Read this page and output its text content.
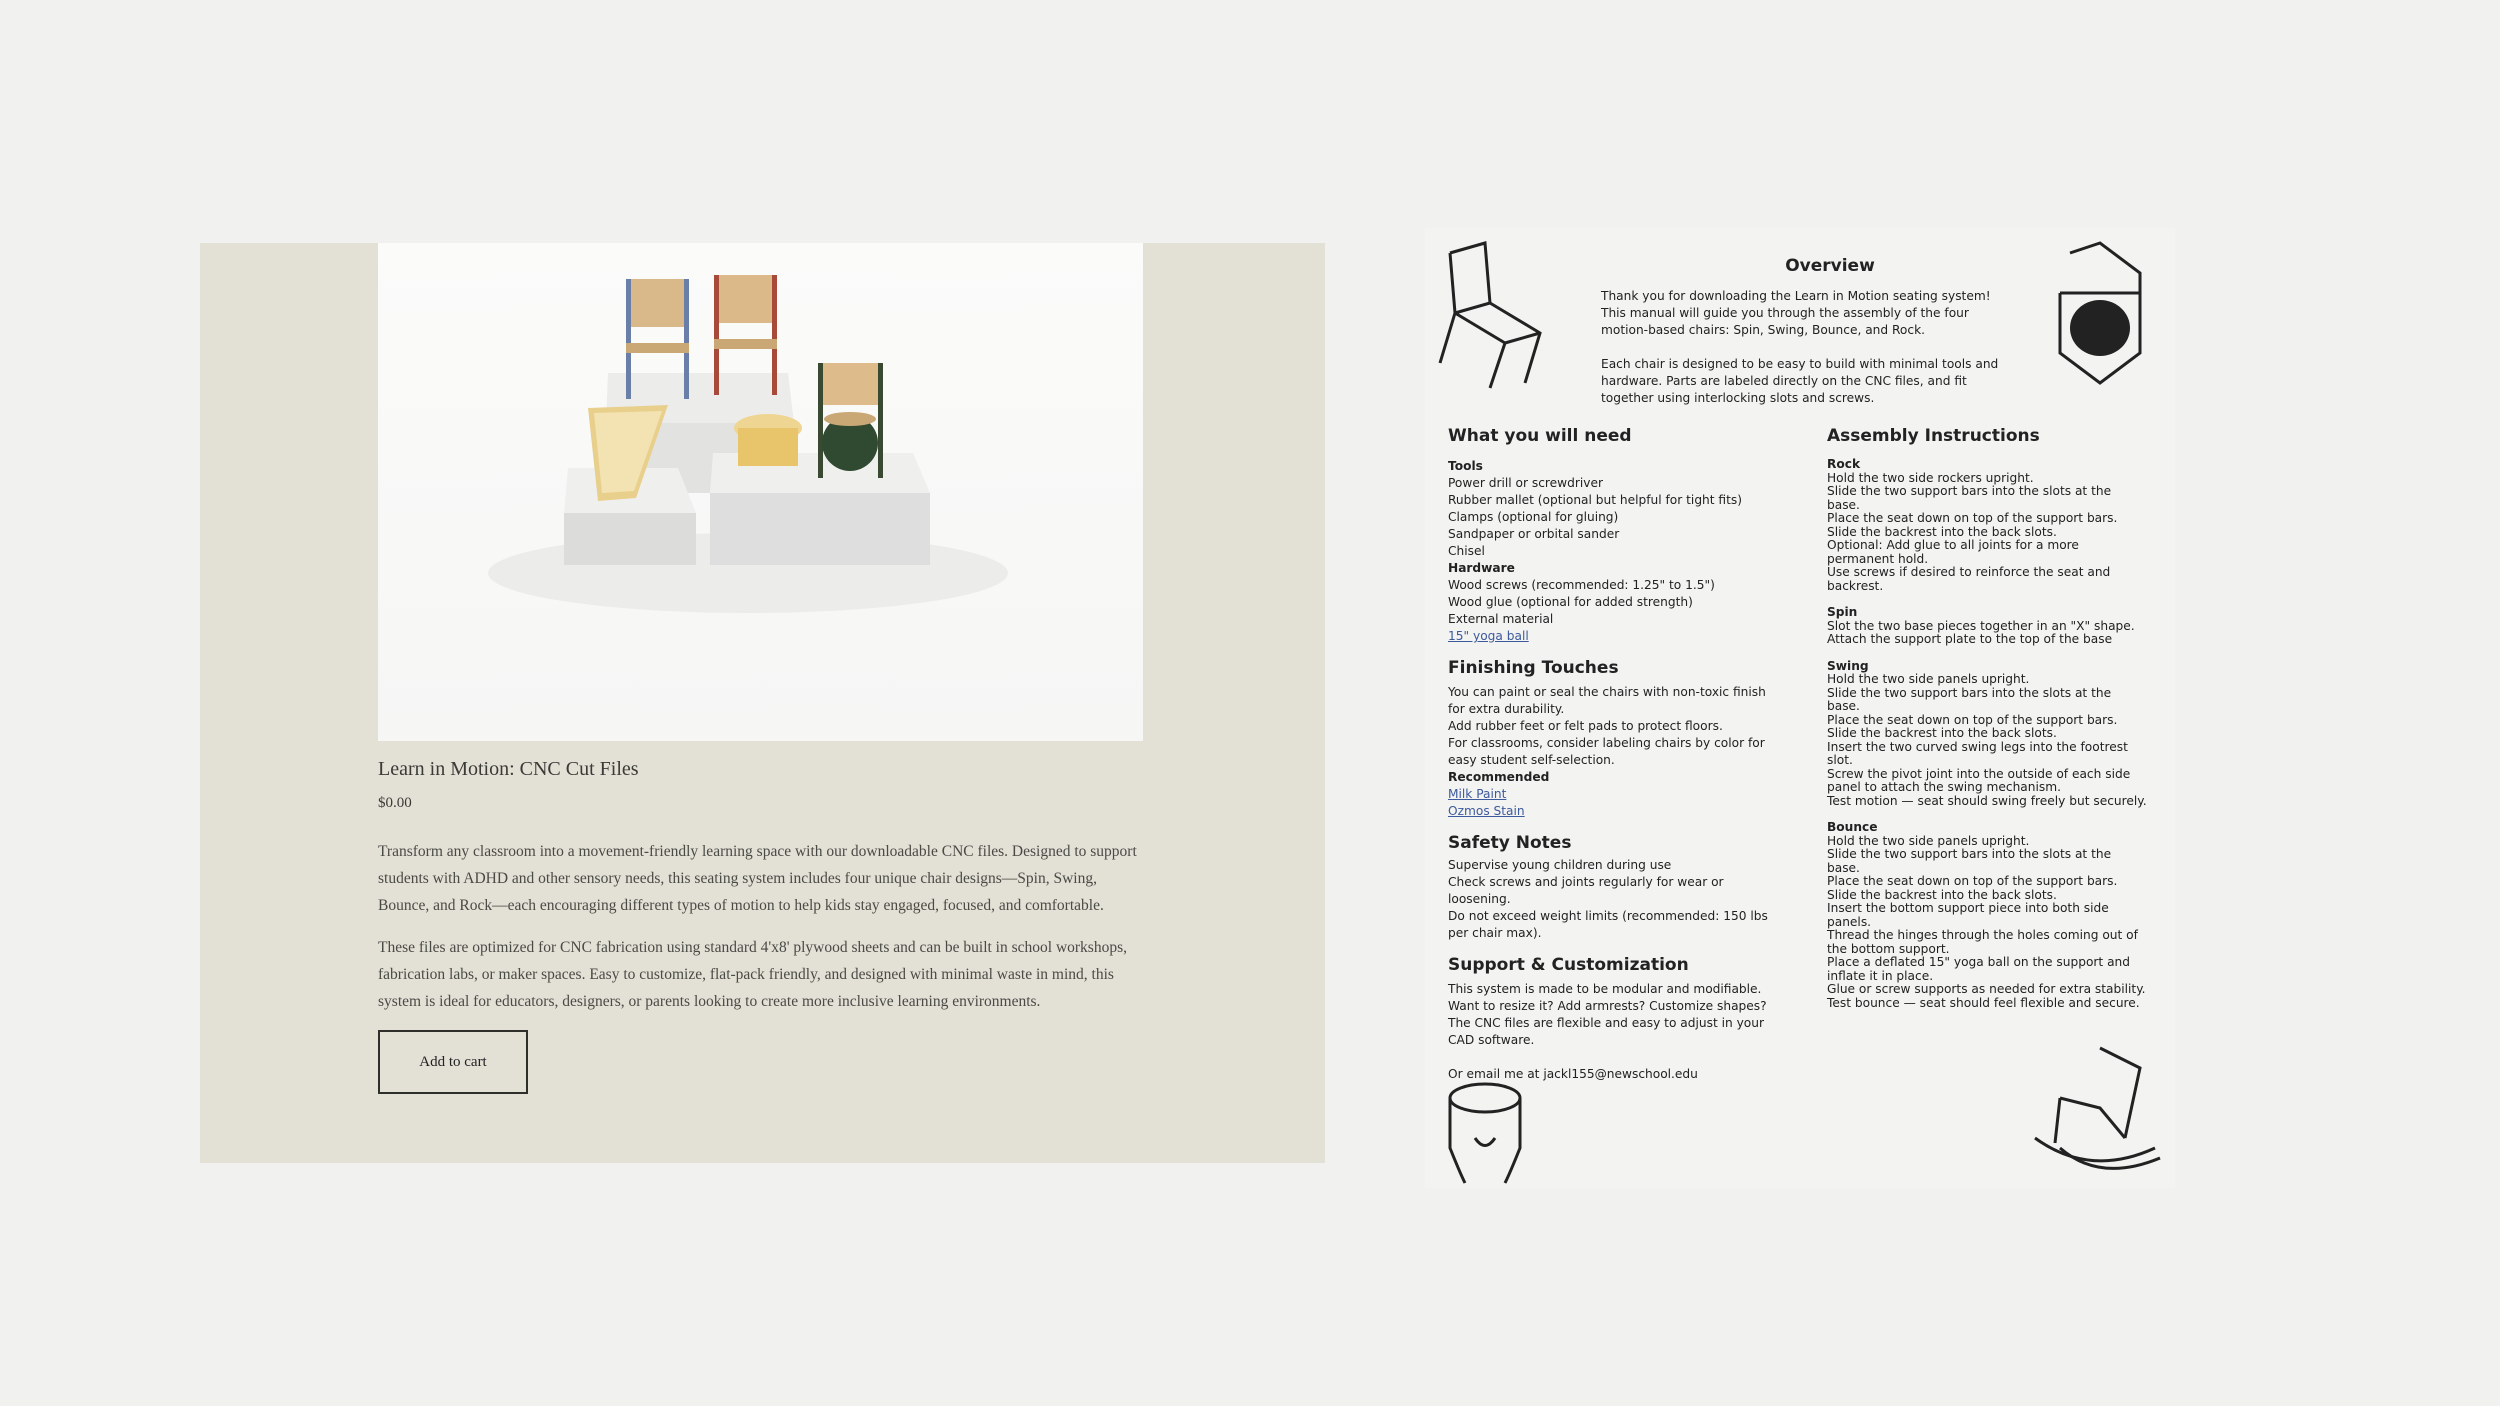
Learn in Motion: CNC Cut Files
$0.00

Transform any classroom into a movement-friendly learning space with our downloadable CNC files. Designed to support students with ADHD and other sensory needs, this seating system includes four unique chair designs—Spin, Swing, Bounce, and Rock—each encouraging different types of motion to help kids stay engaged, focused, and comfortable.

These files are optimized for CNC fabrication using standard 4'x8' plywood sheets and can be built in school workshops, fabrication labs, or maker spaces. Easy to customize, flat-pack friendly, and designed with minimal waste in mind, this system is ideal for educators, designers, or parents looking to create more inclusive learning environments.

Add to cart
Overview

Thank you for downloading the Learn in Motion seating system! This manual will guide you through the assembly of the four motion-based chairs: Spin, Swing, Bounce, and Rock.

Each chair is designed to be easy to build with minimal tools and hardware. Parts are labeled directly on the CNC files, and fit together using interlocking slots and screws.

What you will need
Tools
Power drill or screwdriver
Rubber mallet (optional but helpful for tight fits)
Clamps (optional for gluing)
Sandpaper or orbital sander
Chisel
Hardware
Wood screws (recommended: 1.25" to 1.5")
Wood glue (optional for added strength)
External material
15" yoga ball
Finishing Touches
You can paint or seal the chairs with non-toxic finish for extra durability.
Add rubber feet or felt pads to protect floors.
For classrooms, consider labeling chairs by color for easy student self-selection.
Recommended
Milk Paint
Ozmos Stain
Safety Notes
Supervise young children during use
Check screws and joints regularly for wear or loosening.
Do not exceed weight limits (recommended: 150 lbs per chair max).
Support & Customization
This system is made to be modular and modifiable. Want to resize it? Add armrests? Customize shapes? The CNC files are flexible and easy to adjust in your CAD software.
Or email me at jackl155@newschool.edu
Assembly Instructions
Rock
Hold the two side rockers upright.
Slide the two support bars into the slots at the base.
Place the seat down on top of the support bars.
Slide the backrest into the back slots.
Optional: Add glue to all joints for a more permanent hold.
Use screws if desired to reinforce the seat and backrest.
Spin
Slot the two base pieces together in an "X" shape.
Attach the support plate to the top of the base
Swing
Hold the two side panels upright.
Slide the two support bars into the slots at the base.
Place the seat down on top of the support bars.
Slide the backrest into the back slots.
Insert the two curved swing legs into the footrest slot.
Screw the pivot joint into the outside of each side panel to attach the swing mechanism.
Test motion — seat should swing freely but securely.
Bounce
Hold the two side panels upright.
Slide the two support bars into the slots at the base.
Place the seat down on top of the support bars.
Slide the backrest into the back slots.
Insert the bottom support piece into both side panels.
Thread the hinges through the holes coming out of the bottom support.
Place a deflated 15" yoga ball on the support and inflate it in place.
Glue or screw supports as needed for extra stability.
Test bounce — seat should feel flexible and secure.
